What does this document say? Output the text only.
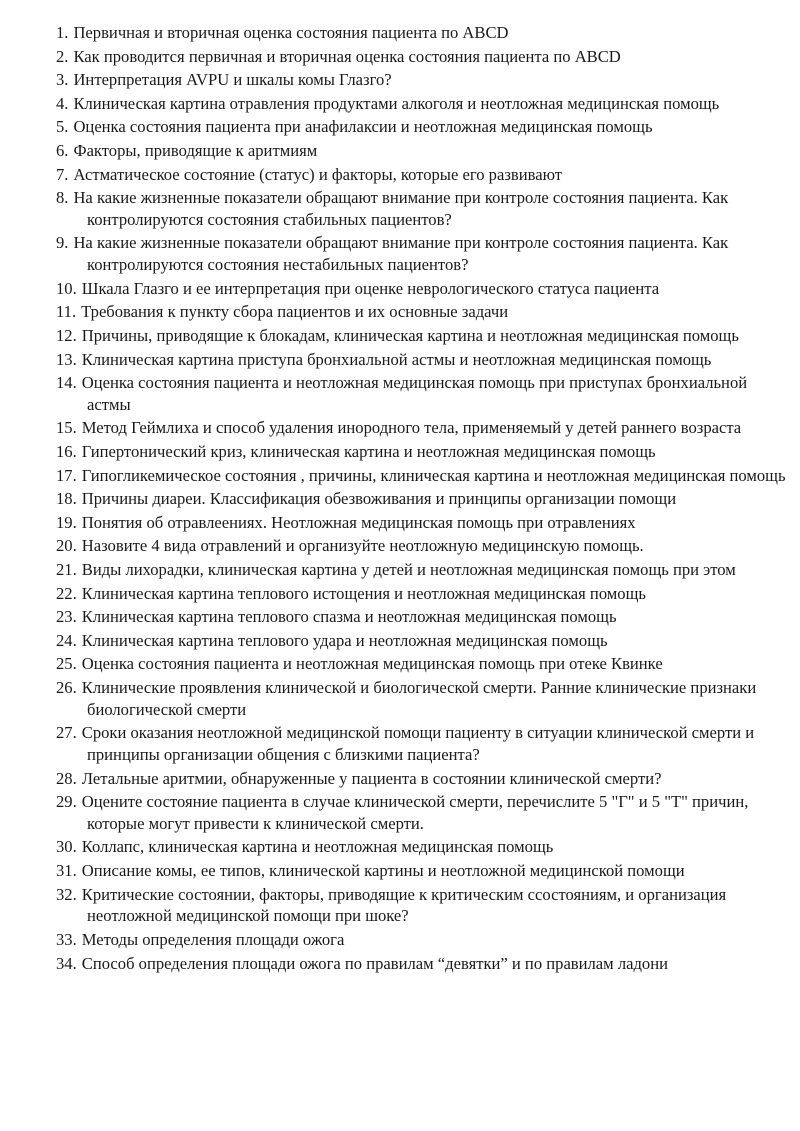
1. Первичная и вторичная оценка состояния пациента по ABCD
2. Как проводится первичная и вторичная оценка состояния пациента по ABCD
3. Интерпретация AVPU и шкалы комы Глазго?
4. Клиническая картина отравления продуктами алкоголя и неотложная медицинская помощь
5. Оценка состояния пациента при анафилаксии и неотложная медицинская помощь
6. Факторы, приводящие к аритмиям
7. Астматическое состояние (статус) и факторы, которые его развивают
8. На какие жизненные показатели обращают внимание при контроле состояния пациента. Как контролируются состояния стабильных пациентов?
9. На какие жизненные показатели обращают внимание при контроле состояния пациента. Как контролируются состояния нестабильных пациентов?
10. Шкала Глазго и ее интерпретация при оценке неврологического статуса пациента
11. Требования к пункту сбора пациентов и их основные задачи
12. Причины, приводящие к блокадам, клиническая картина и неотложная медицинская помощь
13. Клиническая картина приступа бронхиальной астмы и неотложная медицинская помощь
14. Оценка состояния пациента и неотложная медицинская помощь при приступах бронхиальной астмы
15. Метод Геймлиха и способ удаления инородного тела, применяемый у детей раннего возраста
16. Гипертонический криз, клиническая картина и неотложная медицинская помощь
17. Гипогликемическое состояния , причины, клиническая картина и неотложная медицинская помощь
18. Причины диареи. Классификация обезвоживания и принципы организации помощи
19. Понятия об отравлеениях. Неотложная медицинская помощь при отравлениях
20. Назовите 4 вида отравлений и организуйте неотложную медицинскую помощь.
21. Виды лихорадки, клиническая картина у детей и неотложная медицинская помощь при этом
22. Клиническая картина теплового истощения и неотложная медицинская помощь
23. Клиническая картина теплового спазма и неотложная медицинская помощь
24. Клиническая картина теплового удара и неотложная медицинская помощь
25. Оценка состояния пациента и неотложная медицинская помощь при отеке Квинке
26. Клинические проявления клинической и биологической смерти. Ранние клинические признаки биологической смерти
27. Сроки оказания неотложной медицинской помощи пациенту в ситуации клинической смерти и принципы организации общения с близкими пациента?
28. Летальные аритмии, обнаруженные у пациента в состоянии клинической смерти?
29. Оцените состояние пациента в случае клинической смерти, перечислите 5 "Г" и 5 "Т" причин, которые могут привести к клинической смерти.
30. Коллапс, клиническая картина и неотложная медицинская помощь
31. Описание комы, ее типов, клинической картины и неотложной медицинской помощи
32. Критические состоянии, факторы, приводящие к критическим ссостояниям, и организация неотложной медицинской помощи при шоке?
33. Методы определения площади ожога
34. Способ определения площади ожога по правилам “девятки” и по правилам ладони
